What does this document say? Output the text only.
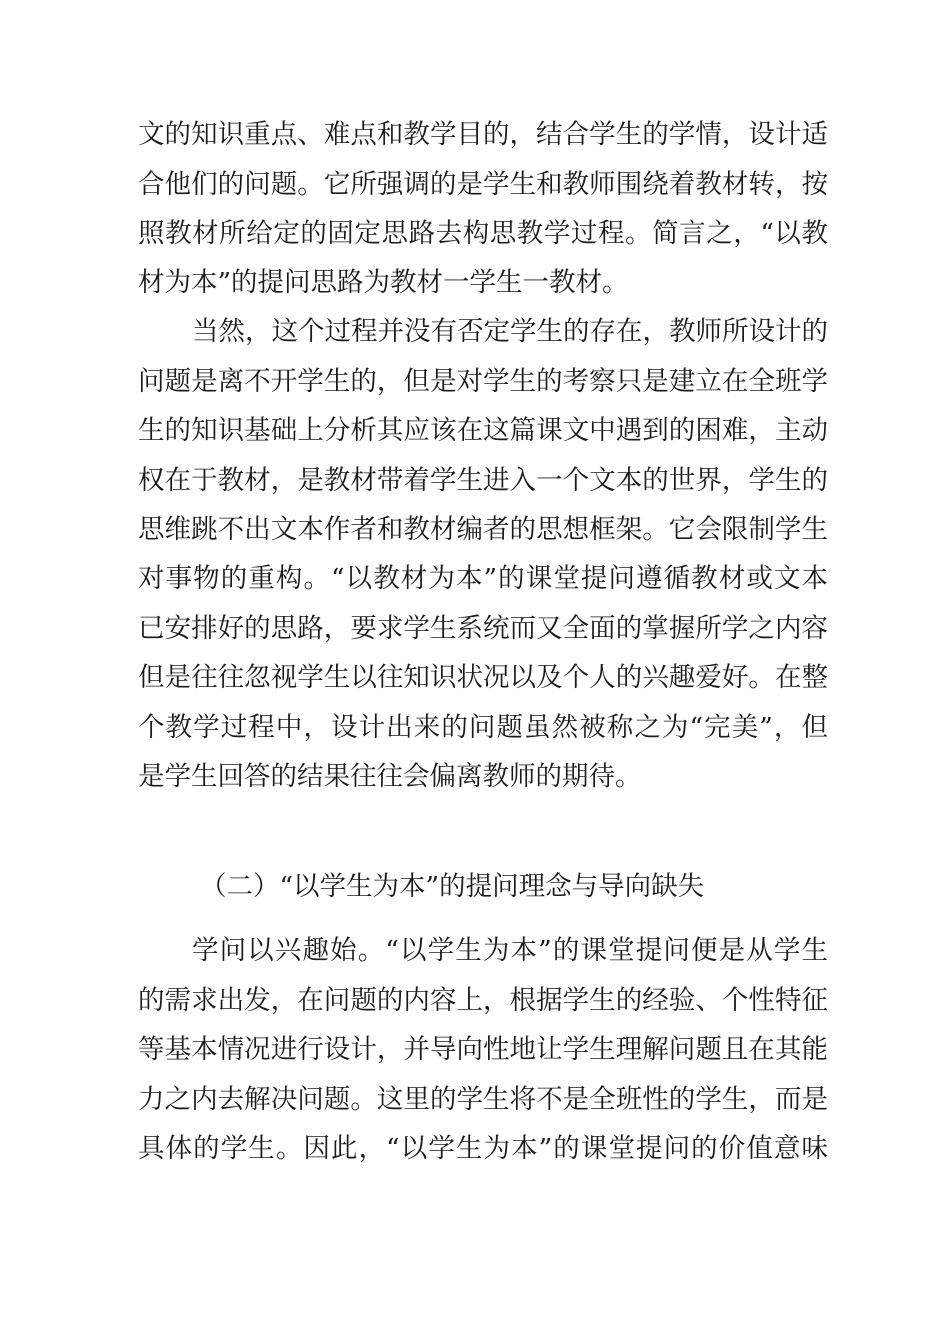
文的知识重点、难点和教学目的，结合学生的学情，设计适
合他们的问题。它所强调的是学生和教师围绕着教材转，按
照教材所给定的固定思路去构思教学过程。简言之，“以教
材为本”的提问思路为教材一学生一教材。
当然，这个过程并没有否定学生的存在，教师所设计的
问题是离不开学生的，但是对学生的考察只是建立在全班学
生的知识基础上分析其应该在这篇课文中遇到的困难，主动
权在于教材，是教材带着学生进入一个文本的世界，学生的
思维跳不出文本作者和教材编者的思想框架。它会限制学生
对事物的重构。“以教材为本”的课堂提问遵循教材或文本
已安排好的思路，要求学生系统而又全面的掌握所学之内容
但是往往忽视学生以往知识状况以及个人的兴趣爱好。在整
个教学过程中，设计出来的问题虽然被称之为“完美”，但
是学生回答的结果往往会偏离教师的期待。
（二）“以学生为本”的提问理念与导向缺失
学问以兴趣始。“以学生为本”的课堂提问便是从学生
的需求出发，在问题的内容上，根据学生的经验、个性特征
等基本情况进行设计，并导向性地让学生理解问题且在其能
力之内去解决问题。这里的学生将不是全班性的学生，而是
具体的学生。因此，“以学生为本”的课堂提问的价值意味
